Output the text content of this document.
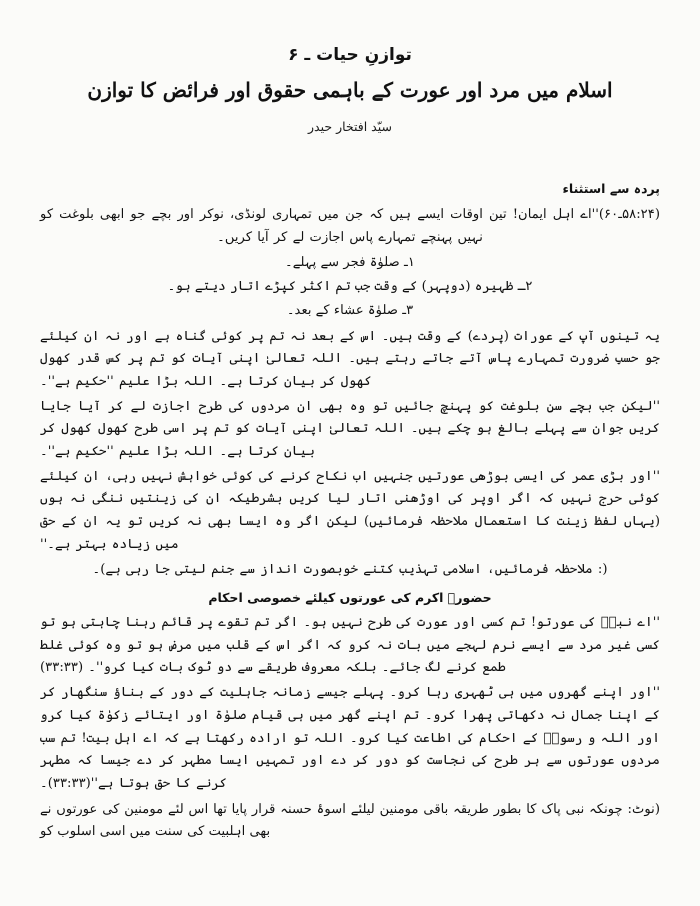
توازنِ حیات ـ ۶
اسلام میں مرد اور عورت کے باہمی حقوق اور فرائض کا توازن
سیّد افتخار حیدر
پردہ سے استثناء

(۵۸:۲۴ـ۶۰)''اے اہل ایمان! تین اوقات ایسے ہیں کہ جن میں تمہاری لونڈی، نوکر اور بچے جو ابھی بلوغت کو نہیں پہنچے تمہارے پاس اجازت لے کر آیا کریں۔

۱ـ صلوٰۃ فجر سے پہلے۔
۲ـ ظہیرہ (دوپہر) کے وقت جب تم اکثر کپڑے اتار دیتے ہو۔
۳ـ صلوٰۃ عشاء کے بعد۔

یہ تینوں آپ کے عورات (پردے) کے وقت ہیں۔ اس کے بعد نہ تم پر کوئی گناہ ہے اور نہ ان کیلئے جو حسبِ ضرورت تمہارے پاس آتے جاتے رہتے ہیں۔ اللہ تعالیٰ اپنی آیات کو تم پر کس قدر کھول کھول کر بیان کرتا ہے۔ اللہ بڑا علیم ''حکیم ہے''۔

''لیکن جب بچے سنِ بلوغت کو پہنچ جائیں تو وہ بھی ان مردوں کی طرح اجازت لے کر آیا جایا کریں جوان سے پہلے بالغ ہو چکے ہیں۔ اللہ تعالیٰ اپنی آیات کو تم پر اسی طرح کھول کھول کر بیان کرتا ہے۔ اللہ بڑا علیم ''حکیم ہے''۔

''اور بڑی عمر کی ایسی بوڑھی عورتیں جنہیں اب نکاح کرنے کی کوئی خواہش نہیں رہی، ان کیلئے کوئی حرج نہیں کہ اگر اوپر کی اوڑھنی اتار لیا کریں بشرطیکہ ان کی زینتیں ننگی نہ ہوں (یہاں لفظ زینت کا استعمال ملاحظہ فرمائیں) لیکن اگر وہ ایسا بھی نہ کریں تو یہ ان کے حق میں زیادہ بہتر ہے۔''

(: ملاحظہ فرمائیں، اسلامی تہذیب کتنے خوبصورت انداز سے جنم لیتی جا رہی ہے)۔

حضورؐ اکرم کی عورتوں کیلئے خصوصی احکام

''اے نبیؐ کی عورتو! تم کسی اور عورت کی طرح نہیں ہو۔ اگر تم تقوے پر قائم رہنا چاہتی ہو تو کسی غیر مرد سے ایسے نرم لہجے میں بات نہ کرو کہ اگر اس کے قلب میں مرض ہو تو وہ کوئی غلط طمع کرنے لگ جائے۔ بلکہ معروف طریقے سے دو ٹوک بات کیا کرو''۔ (۳۳:۳۳)

''اور اپنے گھروں میں ہی ٹھہری رہا کرو۔ پہلے جیسے زمانہ جاہلیت کے دور کے بناؤ سنگھار کر کے اپنا جمال نہ دکھاتی پھرا کرو۔ تم اپنے گھر میں ہی قیام صلوٰۃ اور ایتائے زکوٰۃ کیا کرو اور اللہ و رسولؐ کے احکام کی اطاعت کیا کرو۔ اللہ تو ارادہ رکھتا ہے کہ اے اہل بیت! تم سب مردوں عورتوں سے ہر طرح کی نجاست کو دور کر دے اور تمہیں ایسا مطہر کر دے جیسا کہ مطہر کرنے کا حق ہوتا ہے''(۳۳:۳۳)۔

(نوٹ: چونکہ نبی پاک کا بطور طریقہ باقی مومنین لیلئے اسوۂ حسنہ قرار پایا تھا اس لئے مومنین کی عورتوں نے بھی اہلبیت کی سنت میں اسی اسلوب کو
